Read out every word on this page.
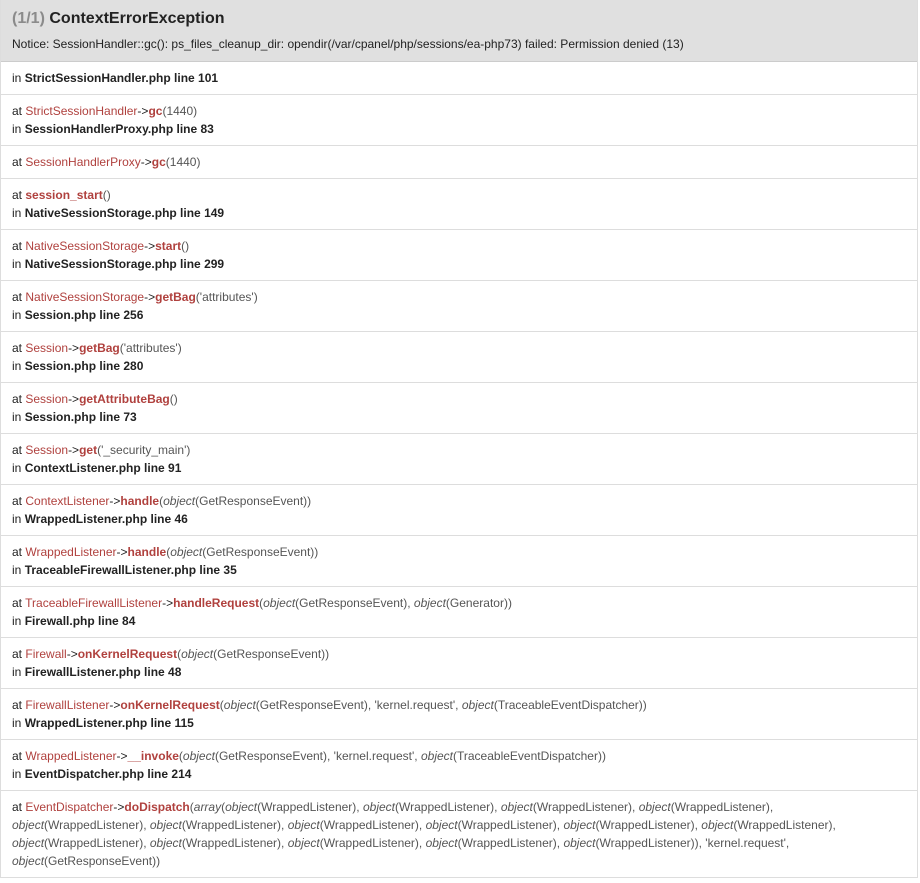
(1/1) ContextErrorException
Notice: SessionHandler::gc(): ps_files_cleanup_dir: opendir(/var/cpanel/php/sessions/ea-php73) failed: Permission denied (13)
in StrictSessionHandler.php line 101
at StrictSessionHandler->gc(1440)
in SessionHandlerProxy.php line 83
at SessionHandlerProxy->gc(1440)
at session_start()
in NativeSessionStorage.php line 149
at NativeSessionStorage->start()
in NativeSessionStorage.php line 299
at NativeSessionStorage->getBag('attributes')
in Session.php line 256
at Session->getBag('attributes')
in Session.php line 280
at Session->getAttributeBag()
in Session.php line 73
at Session->get('_security_main')
in ContextListener.php line 91
at ContextListener->handle(object(GetResponseEvent))
in WrappedListener.php line 46
at WrappedListener->handle(object(GetResponseEvent))
in TraceableFirewallListener.php line 35
at TraceableFirewallListener->handleRequest(object(GetResponseEvent), object(Generator))
in Firewall.php line 84
at Firewall->onKernelRequest(object(GetResponseEvent))
in FirewallListener.php line 48
at FirewallListener->onKernelRequest(object(GetResponseEvent), 'kernel.request', object(TraceableEventDispatcher))
in WrappedListener.php line 115
at WrappedListener->__invoke(object(GetResponseEvent), 'kernel.request', object(TraceableEventDispatcher))
in EventDispatcher.php line 214
at EventDispatcher->doDispatch(array(object(WrappedListener), object(WrappedListener), object(WrappedListener), object(WrappedListener), object(WrappedListener), object(WrappedListener), object(WrappedListener), object(WrappedListener), object(WrappedListener), object(WrappedListener), object(WrappedListener), object(WrappedListener), object(WrappedListener), object(WrappedListener), object(WrappedListener)), 'kernel.request', object(GetResponseEvent))
